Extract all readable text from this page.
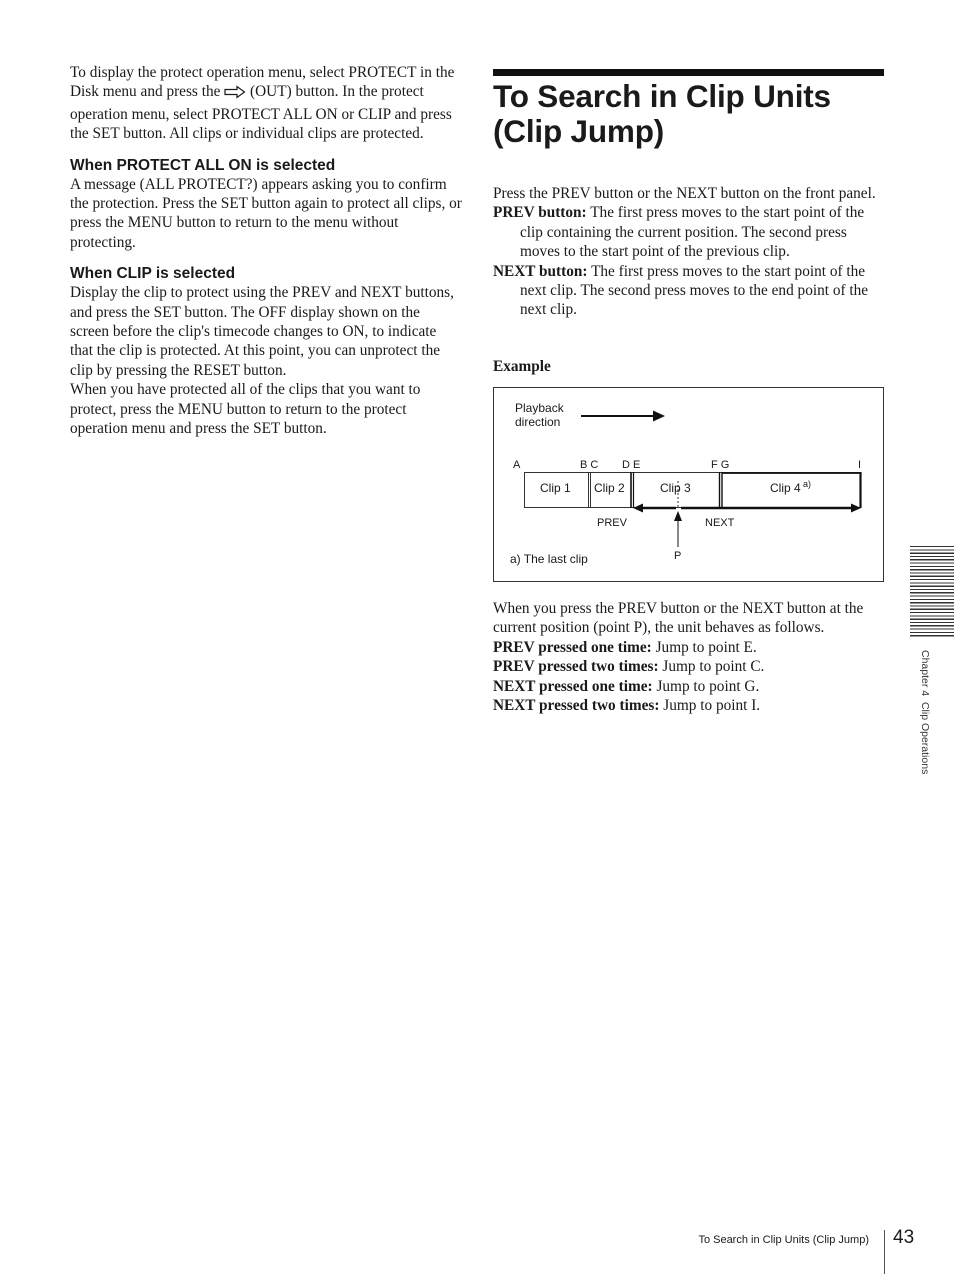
To display the protect operation menu, select PROTECT in the Disk menu and press the  (OUT) button. In the protect operation menu, select PROTECT ALL ON or CLIP and press the SET button. All clips or individual clips are protected.

When PROTECT ALL ON is selected

A message (ALL PROTECT?) appears asking you to confirm the protection. Press the SET button again to protect all clips, or press the MENU button to return to the menu without protecting.

When CLIP is selected

Display the clip to protect using the PREV and NEXT buttons, and press the SET button. The OFF display shown on the screen before the clip's timecode changes to ON, to indicate that the clip is protected. At this point, you can unprotect the clip by pressing the RESET button.

When you have protected all of the clips that you want to protect, press the MENU button to return to the protect operation menu and press the SET button.

To Search in Clip Units (Clip Jump)

Press the PREV button or the NEXT button on the front panel.

PREV button: The first press moves to the start point of the clip containing the current position. The second press moves to the start point of the previous clip.

NEXT button: The first press moves to the start point of the next clip. The second press moves to the end point of the next clip.

Example
Playback
direction
A	B C D E	F G	I
Clip 1 Clip 2	Clip 3	Clip 4 a)
PREV	NEXT
P
a) The last clip

When you press the PREV button or the NEXT button at the current position (point P), the unit behaves as follows.

PREV pressed one time: Jump to point E.

PREV pressed two times: Jump to point C.

NEXT pressed one time: Jump to point G.

NEXT pressed two times: Jump to point I.	Chapter 4  Clip Operations
To Search in Clip Units (Clip Jump) 43
